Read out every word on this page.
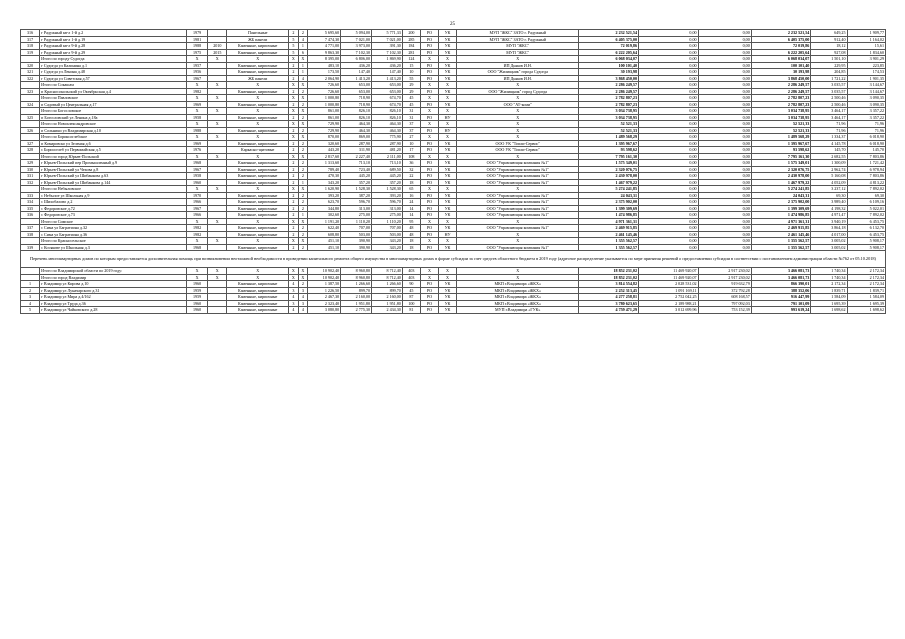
25
316	г Радужный кв-л 1-й д.2	1979		Панельные	2	2	5 695,60	5 094,00	5 771,33	200	РО	УК	МУП "ЖКС" ЗАТО г. Радужный	2 232 521,54	0,00	0,00	2 232 521,54	649,25	1 909,77
317	г Радужный кв-л 1-й д.19	1981		ЖБ панели	5	4	7 474,30	7 021,00	7 021,00	285	РО	УК	МУП "ЖКС" ЗАТО г. Радужный	6 405 375,00	0,00	0,00	6 405 375,00	912,40	1 164,02
318	г Радужный кв-л 9-й д.28	1988	2010	Каменные, кирпичные	5	1	4 771,00	3 973,00	391,30	184	РО	УК	МУП "ЖКС"	72 019,86	0,00	0,00	72 019,86	18,12	15,61
319	г Радужный кв-л 9-й д.29	1975	2015	Каменные, кирпичные	5	6	9 863,30	7 102,30	7 102,30	281	РО	УК	МУП "ЖКС"	6 222 205,64	0,00	0,00	6 222 205,64	927,08	1 834,60
	Итого по городу Судогда	X	X	X	X	X	8 395,00	6 806,00	1 869,90	124	X	X	X	6 068 034,07	0,00	0,00	6 068 034,07	1 501,10	3 901,29
320	г Судогда ул Калинина д.1	1957		Каменные, кирпичные	2	1	483,10	436,20	436,20	15	РО	УК	ИП Дьяков И.Н.	100 101,40	0,00	0,00	100 101,40	229,95	223,85
321	г Судогда ул Ленина д.48	1956		Каменные, кирпичные	2	1	173,50	147,40	147,40	10	РО	УК	ООО "Жилищник" города Судогда	30 193,98	0,00	0,00	30 193,98	204,85	174,53
322	г Судогда ул Советская д.57	1967		ЖБ панели	2	4	2 064,90	1 413,20	1 413,20	55	РО	УК	ИП Дьяков И.Н.	3 868 450,00	0,00	0,00	3 868 450,00	1 721,22	1 901,35
	Итого по Сокашам	X	X	X	X	X	726,60	653,00	653,00	29	X	X	X	2 286 249,57	0,00	0,00	2 286 249,57	3 035,57	3 144,67
323	п Красносокольский ул Октябрьская д.4	1982		Каменные, кирпичные	2	2	726,60	653,00	653,00	29	РО	УК	ООО "Жилищник" город Судогда	2 286 249,57	0,00	0,00	2 286 249,57	3 035,57	3 144,67
	Итого по Павловское	X	X	X	X	X	1 000,80	718,90	674,70	45	X	X	X	2 782 807,23	0,00	0,00	2 782 807,23	2 500,46	3 090,35
324	п Садовый ул Центральная д.17	1969		Каменные, кирпичные	2	2	1 000,80	718,90	674,70	45	РО	УК	ООО "АТ-коми"	2 782 807,23	0,00	0,00	2 782 807,23	2 500,46	3 090,35
	Итого по Богословское	X	X	X	X	X	861,00	826,10	826,10	31	X	X	X	3 034 738,95	0,00	0,00	3 034 738,95	3 464,17	3 357,22
325	п Богословский ул Ленина д.18а	1958		Каменные, кирпичные	2	2	861,00	826,10	826,10	31	РО	НУ	X	3 034 738,95	0,00	0,00	3 034 738,95	3 464,17	3 357,22
	Итого по Новоалександровское	X	X	X	X	X	729,90	464,30	464,30	37	X	X	X	52 521,33	0,00	0,00	52 521,33	71,96	71,96
326	п Сольники ул Владимирская д.10	1988		Каменные, кирпичные	2	2	729,90	464,30	464,30	37	РО	НУ	X	52 521,33	0,00	0,00	52 521,33	71,96	71,96
	Итого по Бориксоглебское	X	X	X	X	X	870,00	869,00	775,90	27	X	X	X	1 489 568,29	0,00	0,00	1 489 568,29	1 334,37	6 018,90
327	п Комаровско ул Зеленая д.6	1969		Каменные, кирпичные	2	2	320,60	287,90	287,90	10	РО	УК	ООО УК "Топли-Сервис"	1 395 967,67	0,00	0,00	1 395 967,67	4 145,78	6 018,90
328	с Борисоглеб ул Первомайская д.5	1976		Каркасно-щитовые	2	2	443,20	311,90	481,20	17	РО	УК	ООО УК "Топли-Сервис"	93 598,62	0,00	0,00	93 598,62	145,70	145,70
	Итого по город Юрьев-Польский	X	X	X	X	X	2 817,60	2 227,40	2 111,00	108	X	X	X	7 795 161,30	0,00	0,00	7 795 161,30	2 682,55	7 803,86
329	г Юрьев-Польский пер Промышленный д.9	1968		Каменные, кирпичные	2	2	1 313,60	713,10	713,10	36	РО	УК	ООО "Управляющая компания №1"	1 575 349,01	0,00	0,00	1 575 349,01	1 300,09	1 721,42
330	г Юрьев-Польский ул Чехова д.8	1967		Каменные, кирпичные	2	2	789,40	723,40	689,50	32	РО	УК	ООО "Управляющая компания №1"	2 320 076,75	0,00	0,00	2 320 076,75	2 962,74	6 978,94
331	г Юрьев-Польский ул Шибанкова д.63	1958		Каменные, кирпичные	2	2	470,30	445,20	445,20	22	РО	УК	ООО "Управляющая компания №1"	2 430 978,00	0,00	0,00	2 430 978,00	5 160,08	7 803,86
332	г Юрьев-Польский ул Шибанкова д.144	1960		Каменные, кирпичные	2	1	343,20	357,20	357,20	18	РО	УК	ООО "Управляющая компания №1"	1 467 979,22	0,00	0,00	1 467 979,22	4 052,09	4 813,22
	Итого по Небыловское	X	X	X	X	X	1 620,90	1 528,30	1 528,30	65	X	X	X	5 274 241,85	0,00	0,00	5 274 241,85	3 237,12	7 892,02
333	с Небылое ул Школьная д.9	1970		Каменные, кирпичные	2	2	393,20	387,20	393,20	16	РО	УК	ООО "Управляющая компания №1"	24 043,31	0,00	0,00	24 043,31	69,30	69,30
334	с Шихобалово д.2	1966		Каменные, кирпичные	2	2	623,70	596,70	596,70	24	РО	УК	ООО "Управляющая компания №1"	2 375 902,00	0,00	0,00	2 375 902,00	3 989,40	6 109,16
335	с Федоровское д.72	1967		Каменные, кирпичные	2	2	344,80	313,00	313,00	14	РО	УК	ООО "Управляющая компания №1"	1 399 309,69	0,00	0,00	1 399 309,69	4 198,32	5 022,01
336	с Федоровское д.73	1966		Каменные, кирпичные	2	1	302,60	275,00	275,00	14	РО	УК	ООО "Управляющая компания №1"	1 474 986,85	0,00	0,00	1 474 986,85	4 971,47	7 892,02
	Итого по Симское	X	X	X	X	X	1 191,20	1 110,20	1 110,20	95	X	X	X	4 971 361,31	0,00	0,00	4 971 361,31	3 940,19	6 453,75
337	с Сима ул Багратиона д.32	1982		Каменные, кирпичные	2	2	622,40	707,00	707,00	48	РО	УК	ООО "Управляющая компания №1"	2 469 915,85	0,00	0,00	2 469 915,85	3 864,18	6 132,70
338	с Сима ул Багратиона д.36	1982		Каменные, кирпичные	2	2	608,80	503,00	503,00	48	РО	НУ	X	2 461 145,46	0,00	0,00	2 461 145,46	4 017,00	6 453,75
	Итого по Красносельское	X	X	X	X	X	451,10	390,90	343,20	18	X	X	X	1 355 562,57	0,00	0,00	1 355 562,57	3 005,02	5 908,17
339	с Косякове ул Школьная д.3	1968		Каменные, кирпичные	2	2	451,10	390,90	343,20	18	РО	УК	ООО "Управляющая компания №1"	1 355 562,57	0,00	0,00	1 355 562,57	3 005,02	5 908,17
Перечень многоквартирных домов по которым предоставляется дополнительная помощь при возникновении неотложной необходимости в проведении капитального ремонта общего имущества в многоквартирных домах в форме субсидии за счет средств областного бюджета в 2019 году (адресное распределение указывается по мере принятия решений о предоставлении субсидии в соответствии с постановлением администрации области №762 от 05.10.2018)																			
	Итого по Владимирской области по 2019 году:	X	X	X	X	X	10 902,40	8 960,80	8 712,40	403	X	X	X	18 852 231,02	11 469 920,07	2 917 230,02	3 466 081,73	1 740,34	2 172,34
	Итого по город Владимир	X	X	X	X	X	10 902,40	8 960,80	8 712,40	403	X	X	X	18 852 231,02	11 469 920,07	2 917 230,02	3 466 081,73	1 740,34	2 172,34
1	г Владимир ул Кирова д.10	1960		Каменные, кирпичные	4	2	1 387,50	1 266,60	1 266,60	90	РО	УК	МКП г.Владимира «ЖКХ»	3 814 554,82	2 028 531,02	919 632,79	866 390,01	2 172,34	2 172,34
2	г Владимир ул Луначарского д.31	1959		Каменные, кирпичные	3	3	1 226,50	899,70	899,70	45	РО	УК	МКП г.Владимира «ЖКХ»	2 252 313,45	1 091 169,11	372 792,28	388 352,06	1 839,71	1 839,71
3	г Владимир ул Мира д.4/162	1959		Каменные, кирпичные	4	4	2 467,30	2 160,00	2 160,00	87	РО	УК	МКП г.Владимира «ЖКХ»	4 277 258,81	2 752 042,25	608 168,57	916 447,99	1 584,09	1 584,09
4	г Владимир ул Труда д.36	1960		Каменные, кирпичные	3	3	2 323,40	1 951,80	1 951,80	100	РО	УК	МКП г.Владимира «ЖКХ»	3 780 623,65	2 189 988,21	797 092,03	791 101,09	1 695,39	1 695,39
5	г Владимир ул Чайковского д.28	1960		Каменные, кирпичные	4	4	3 080,80	2 775,30	2 434,30	81	РО	УК	МУП г.Владимира «ГУК»	4 759 471,29	3 012 699,96	753 152,39	993 619,24	1 698,62	1 698,62
